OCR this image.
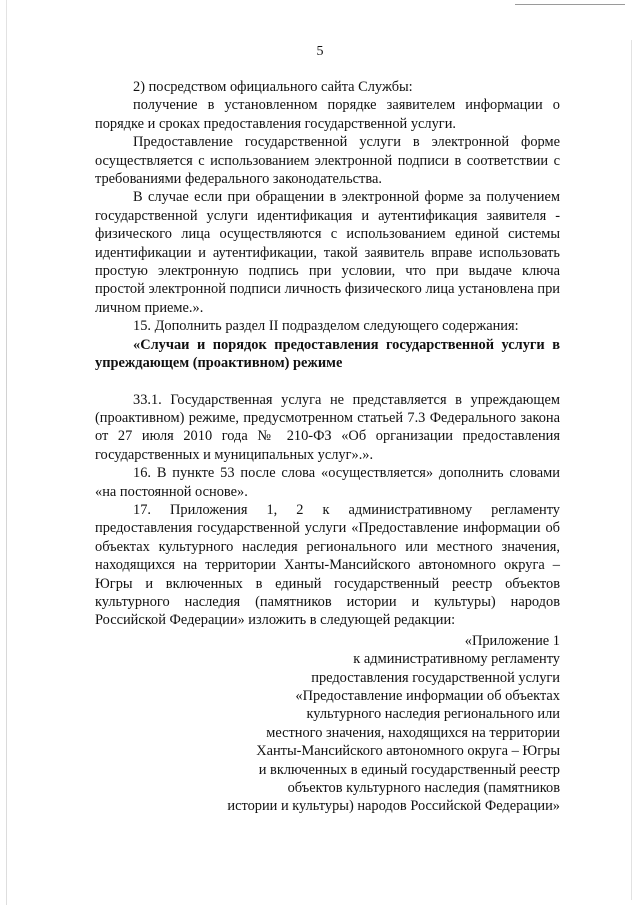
5

2) посредством официального сайта Службы:

получение в установленном порядке заявителем информации о порядке и сроках предоставления государственной услуги.

Предоставление государственной услуги в электронной форме осуществляется с использованием электронной подписи в соответствии с требованиями федерального законодательства.

В случае если при обращении в электронной форме за получением государственной услуги идентификация и аутентификация заявителя - физического лица осуществляются с использованием единой системы идентификации и аутентификации, такой заявитель вправе использовать простую электронную подпись при условии, что при выдаче ключа простой электронной подписи личность физического лица установлена при личном приеме.».

15. Дополнить раздел II подразделом следующего содержания:

«Случаи и порядок предоставления государственной услуги в упреждающем (проактивном) режиме

33.1. Государственная услуга не представляется в упреждающем (проактивном) режиме, предусмотренном статьей 7.3 Федерального закона от 27 июля 2010 года № 210-ФЗ «Об организации предоставления государственных и муниципальных услуг».».

16. В пункте 53 после слова «осуществляется» дополнить словами «на постоянной основе».

17. Приложения 1, 2 к административному регламенту предоставления государственной услуги «Предоставление информации об объектах культурного наследия регионального или местного значения, находящихся на территории Ханты-Мансийского автономного округа – Югры и включенных в единый государственный реестр объектов культурного наследия (памятников истории и культуры) народов Российской Федерации» изложить в следующей редакции:

«Приложение 1
к административному регламенту
предоставления государственной услуги
«Предоставление информации об объектах
культурного наследия регионального или
местного значения, находящихся на территории
Ханты-Мансийского автономного округа – Югры
и включенных в единый государственный реестр
объектов культурного наследия (памятников
истории и культуры) народов Российской Федерации»
